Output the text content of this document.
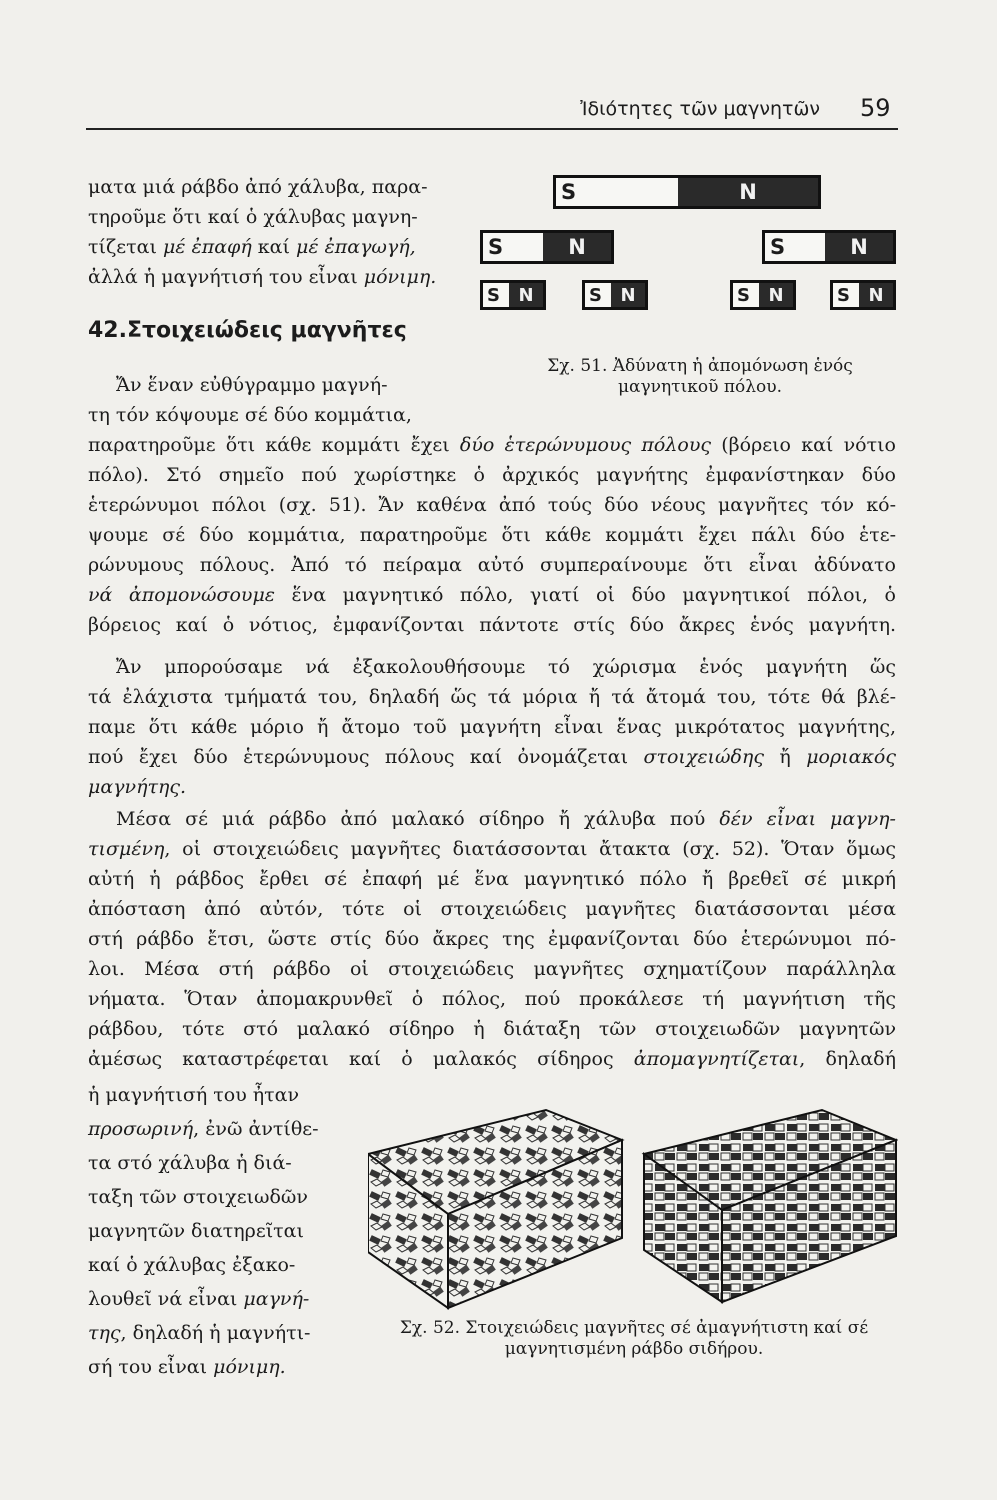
Ἰδιότητες τῶν μαγνητῶν 59
ματα μιά ράβδο ἀπό χάλυβα, παρα-
τηροῦμε ὅτι καί ὁ χάλυβας μαγνη-
τίζεται μέ ἐπαφή καί μέ ἐπαγωγή,
ἀλλά ἡ μαγνήτισή του εἶναι μόνιμη.
42.Στοιχειώδεις μαγνῆτες
Ἄν ἕναν εὐθύγραμμο μαγνή-
τη τόν κόψουμε σέ δύο κομμάτια,
παρατηροῦμε ὅτι κάθε κομμάτι ἔχει δύο ἑτερώνυμους πόλους (βόρειο καί νότιο
πόλο). Στό σημεῖο πού χωρίστηκε ὁ ἀρχικός μαγνήτης ἐμφανίστηκαν δύο
ἑτερώνυμοι πόλοι (σχ. 51). Ἄν καθένα ἀπό τούς δύο νέους μαγνῆτες τόν κό-
ψουμε σέ δύο κομμάτια, παρατηροῦμε ὅτι κάθε κομμάτι ἔχει πάλι δύο ἑτε-
ρώνυμους πόλους. Ἀπό τό πείραμα αὐτό συμπεραίνουμε ὅτι εἶναι ἀδύνατο
νά ἀπομονώσουμε ἕνα μαγνητικό πόλο, γιατί οἱ δύο μαγνητικοί πόλοι, ὁ
βόρειος καί ὁ νότιος, ἐμφανίζονται πάντοτε στίς δύο ἄκρες ἑνός μαγνήτη.
Ἄν μπορούσαμε νά ἐξακολουθήσουμε τό χώρισμα ἑνός μαγνήτη ὥς
τά ἐλάχιστα τμήματά του, δηλαδή ὥς τά μόρια ἤ τά ἄτομά του, τότε θά βλέ-
παμε ὅτι κάθε μόριο ἤ ἄτομο τοῦ μαγνήτη εἶναι ἕνας μικρότατος μαγνήτης,
πού ἔχει δύο ἑτερώνυμους πόλους καί ὀνομάζεται στοιχειώδης ἤ μοριακός
μαγνήτης.
Μέσα σέ μιά ράβδο ἀπό μαλακό σίδηρο ἤ χάλυβα πού δέν εἶναι μαγνη-
τισμένη, οἱ στοιχειώδεις μαγνῆτες διατάσσονται ἄτακτα (σχ. 52). Ὅταν ὅμως
αὐτή ἡ ράβδος ἔρθει σέ ἐπαφή μέ ἕνα μαγνητικό πόλο ἤ βρεθεῖ σέ μικρή
ἀπόσταση ἀπό αὐτόν, τότε οἱ στοιχειώδεις μαγνῆτες διατάσσονται μέσα
στή ράβδο ἔτσι, ὥστε στίς δύο ἄκρες της ἐμφανίζονται δύο ἑτερώνυμοι πό-
λοι. Μέσα στή ράβδο οἱ στοιχειώδεις μαγνῆτες σχηματίζουν παράλληλα
νήματα. Ὅταν ἀπομακρυνθεῖ ὁ πόλος, πού προκάλεσε τή μαγνήτιση τῆς
ράβδου, τότε στό μαλακό σίδηρο ἡ διάταξη τῶν στοιχειωδῶν μαγνητῶν
ἀμέσως καταστρέφεται καί ὁ μαλακός σίδηρος ἀπομαγνητίζεται, δηλαδή
ἡ μαγνήτισή του ἦταν
προσωρινή, ἐνῶ ἀντίθε-
τα στό χάλυβα ἡ διά-
ταξη τῶν στοιχειωδῶν
μαγνητῶν διατηρεῖται
καί ὁ χάλυβας ἐξακο-
λουθεῖ νά εἶναι μαγνή-
της, δηλαδή ἡ μαγνήτι-
σή του εἶναι μόνιμη.
S	N
S	N	S	N
S	N	S	N	S	N	S	N
Σχ. 51. Ἀδύνατη ἡ ἀπομόνωση ἑνός
μαγνητικοῦ πόλου.
Σχ. 52. Στοιχειώδεις μαγνῆτες σέ ἀμαγνήτιστη καί σέ
μαγνητισμένη ράβδο σιδήρου.
